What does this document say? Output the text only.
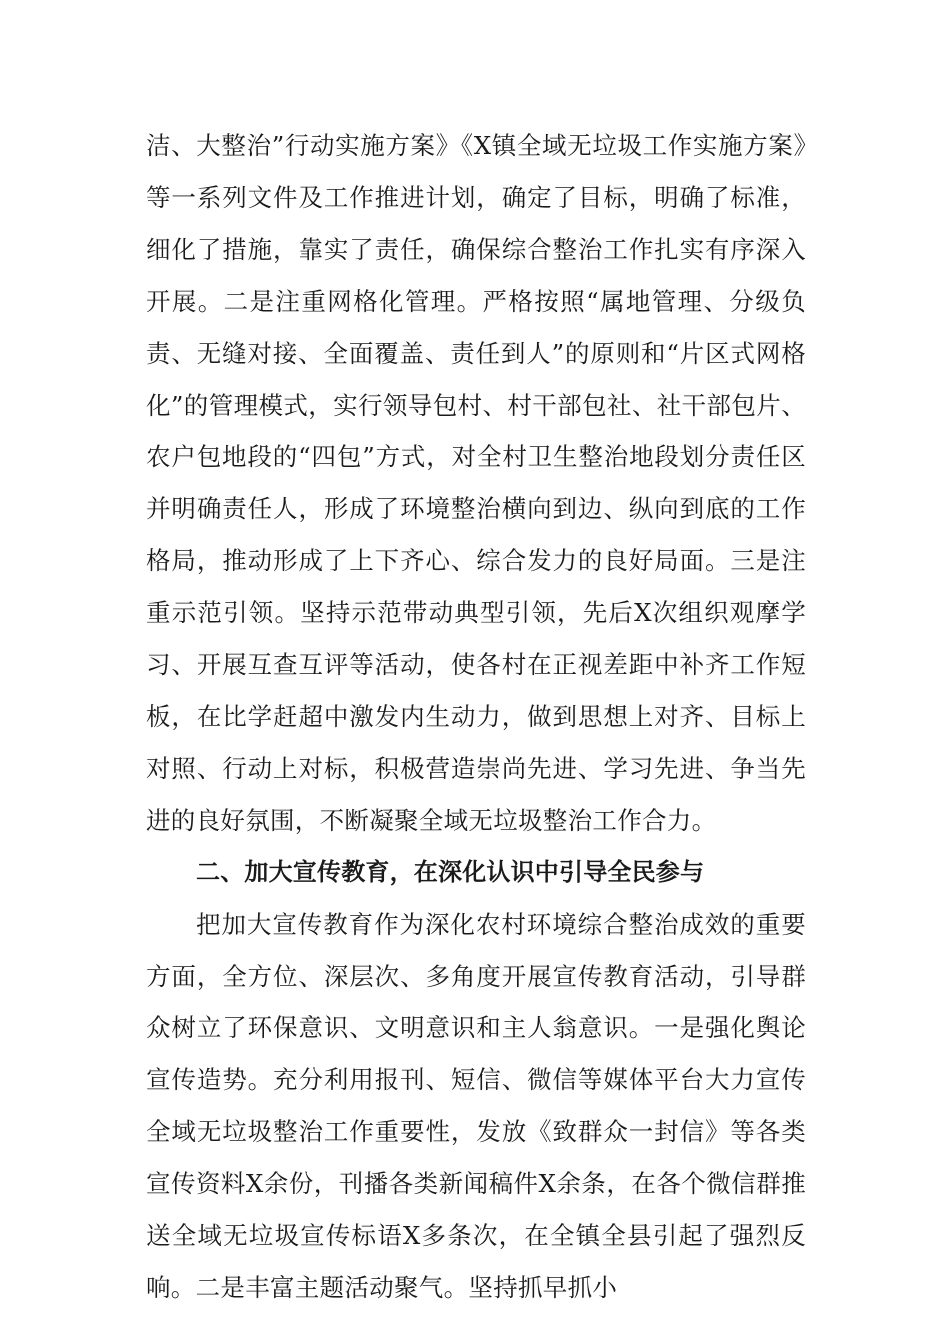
洁、大整治”行动实施方案》《X镇全域无垃圾工作实施方案》等一系列文件及工作推进计划，确定了目标，明确了标准，细化了措施，靠实了责任，确保综合整治工作扎实有序深入开展。二是注重网格化管理。严格按照“属地管理、分级负责、无缝对接、全面覆盖、责任到人”的原则和“片区式网格化”的管理模式，实行领导包村、村干部包社、社干部包片、农户包地段的“四包”方式，对全村卫生整治地段划分责任区并明确责任人，形成了环境整治横向到边、纵向到底的工作格局，推动形成了上下齐心、综合发力的良好局面。三是注重示范引领。坚持示范带动典型引领，先后X次组织观摩学习、开展互查互评等活动，使各村在正视差距中补齐工作短板，在比学赶超中激发内生动力，做到思想上对齐、目标上对照、行动上对标，积极营造崇尚先进、学习先进、争当先进的良好氛围，不断凝聚全域无垃圾整治工作合力。

二、加大宣传教育，在深化认识中引导全民参与

把加大宣传教育作为深化农村环境综合整治成效的重要方面，全方位、深层次、多角度开展宣传教育活动，引导群众树立了环保意识、文明意识和主人翁意识。一是强化舆论宣传造势。充分利用报刊、短信、微信等媒体平台大力宣传全域无垃圾整治工作重要性，发放《致群众一封信》等各类宣传资料X余份，刊播各类新闻稿件X余条，在各个微信群推送全域无垃圾宣传标语X多条次，在全镇全县引起了强烈反响。二是丰富主题活动聚气。坚持抓早抓小
